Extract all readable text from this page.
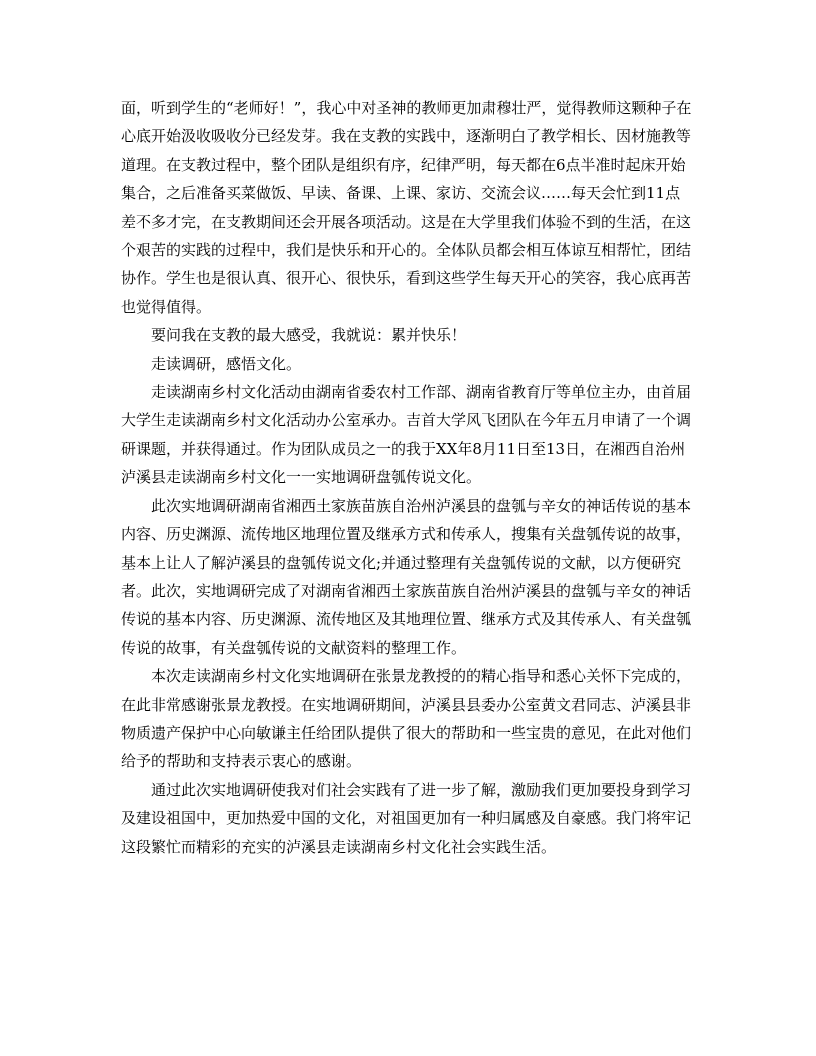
面，听到学生的“老师好！”，我心中对圣神的教师更加肃穆壮严，觉得教师这颗种子在心底开始汲收吸收分已经发芽。我在支教的实践中，逐渐明白了教学相长、因材施教等道理。在支教过程中，整个团队是组织有序，纪律严明，每天都在6点半准时起床开始集合，之后准备买菜做饭、早读、备课、上课、家访、交流会议……每天会忙到11点差不多才完，在支教期间还会开展各项活动。这是在大学里我们体验不到的生活，在这个艰苦的实践的过程中，我们是快乐和开心的。全体队员都会相互体谅互相帮忙，团结协作。学生也是很认真、很开心、很快乐，看到这些学生每天开心的笑容，我心底再苦也觉得值得。

要问我在支教的最大感受，我就说：累并快乐！

走读调研，感悟文化。

走读湖南乡村文化活动由湖南省委农村工作部、湖南省教育厅等单位主办，由首届大学生走读湖南乡村文化活动办公室承办。吉首大学风飞团队在今年五月申请了一个调研课题，并获得通过。作为团队成员之一的我于XX年8月11日至13日，在湘西自治州泸溪县走读湖南乡村文化一一实地调研盘瓠传说文化。

此次实地调研湖南省湘西土家族苗族自治州泸溪县的盘瓠与辛女的神话传说的基本内容、历史渊源、流传地区地理位置及继承方式和传承人，搜集有关盘瓠传说的故事，基本上让人了解泸溪县的盘瓠传说文化;并通过整理有关盘瓠传说的文献，以方便研究者。此次，实地调研完成了对湖南省湘西土家族苗族自治州泸溪县的盘瓠与辛女的神话传说的基本内容、历史渊源、流传地区及其地理位置、继承方式及其传承人、有关盘瓠传说的故事，有关盘瓠传说的文献资料的整理工作。

本次走读湖南乡村文化实地调研在张景龙教授的的精心指导和悉心关怀下完成的，在此非常感谢张景龙教授。在实地调研期间，泸溪县县委办公室黄文君同志、泸溪县非物质遗产保护中心向敏谦主任给团队提供了很大的帮助和一些宝贵的意见，在此对他们给予的帮助和支持表示衷心的感谢。

通过此次实地调研使我对们社会实践有了进一步了解，激励我们更加要投身到学习及建设祖国中，更加热爱中国的文化，对祖国更加有一种归属感及自豪感。我门将牢记这段繁忙而精彩的充实的泸溪县走读湖南乡村文化社会实践生活。
